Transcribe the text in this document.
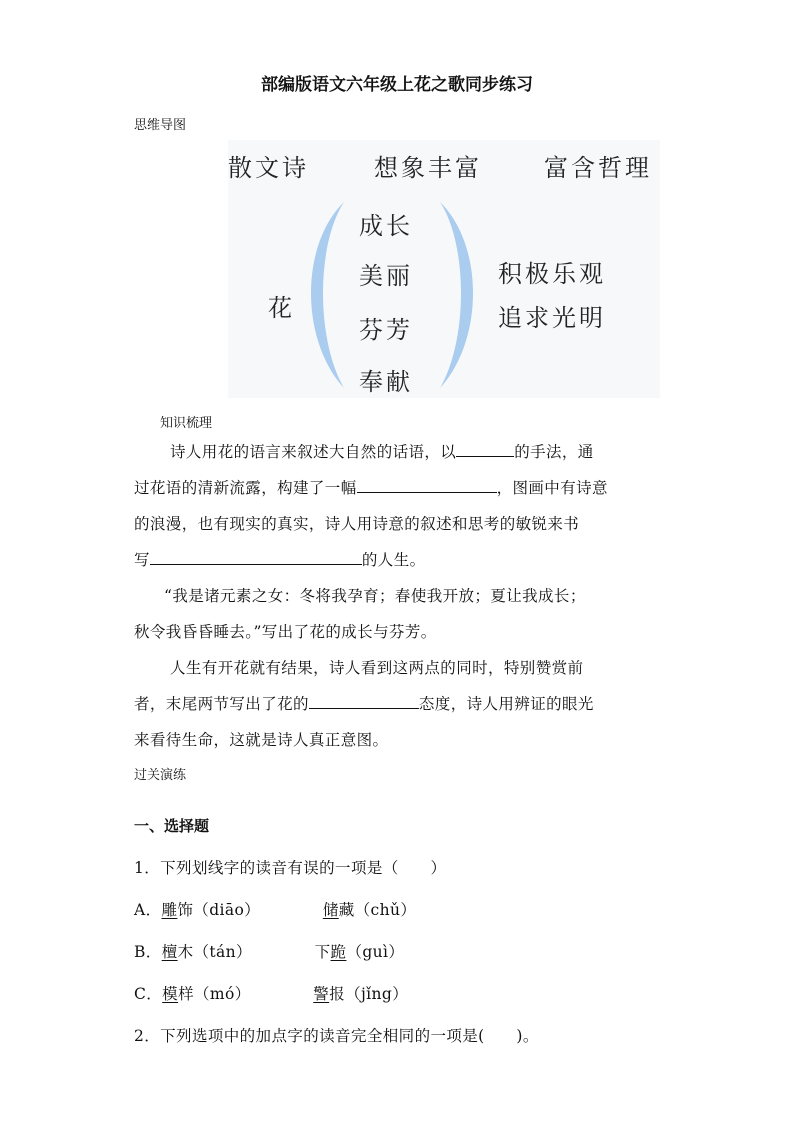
部编版语文六年级上花之歌同步练习
思维导图
散文诗	想象丰富	富含哲理
花
成长
美丽
芬芳
奉献
积极乐观
追求光明
知识梳理
诗人用花的语言来叙述大自然的话语，以	的手法，通
过花语的清新流露，构建了一幅	，图画中有诗意
的浪漫，也有现实的真实，诗人用诗意的叙述和思考的敏锐来书
写	的人生。
“我是诸元素之女：冬将我孕育；春使我开放；夏让我成长；
秋令我昏昏睡去。”写出了花的成长与芬芳。
人生有开花就有结果，诗人看到这两点的同时，特别赞赏前
者，末尾两节写出了花的	态度，诗人用辨证的眼光
来看待生命，这就是诗人真正意图。
过关演练
一、选择题
1．下列划线字的读音有误的一项是（　　）
A．雕饰（diāo）	储藏（chǔ）
B．檀木（tán）	下跪（guì）
C．模样（mó）	警报（jǐng）
2．下列选项中的加点字的读音完全相同的一项是(　　)。
